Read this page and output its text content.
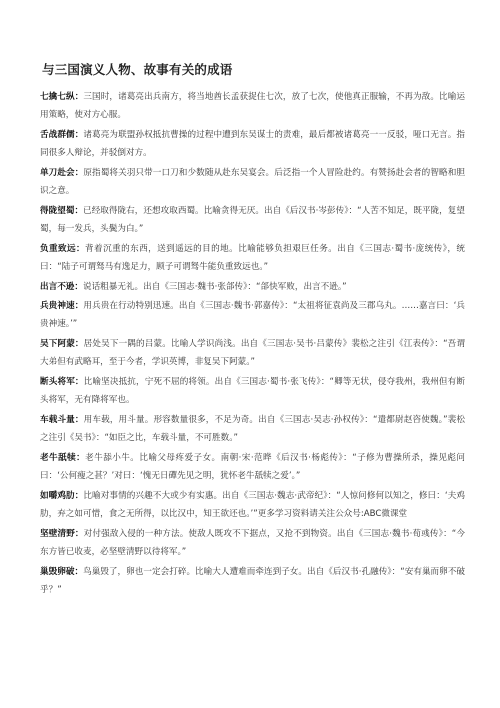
与三国演义人物、故事有关的成语

七擒七纵：三国时，诸葛亮出兵南方，将当地酋长孟获捉住七次，放了七次，使他真正服输，不再为敌。比喻运用策略，使对方心服。

舌战群儒：诸葛亮为联盟孙权抵抗曹操的过程中遭到东吴谋士的责难，最后都被诸葛亮一一反驳，哑口无言。指同很多人辩论，并驳倒对方。

单刀赴会：原指蜀将关羽只带一口刀和少数随从赴东吴宴会。后泛指一个人冒险赴约。有赞扬赴会者的智略和胆识之意。

得陇望蜀：已经取得陇右，还想攻取西蜀。比喻贪得无厌。出自《后汉书·岑彭传》：“人苦不知足，既平陇，复望蜀，每一发兵，头鬓为白。”

负重致远：背着沉重的东西，送到遥远的目的地。比喻能够负担艰巨任务。出自《三国志·蜀书·庞统传》，统曰：“陆子可谓驽马有逸足力，顾子可谓驽牛能负重致远也。”

出言不逊：说话粗暴无礼。出自《三国志·魏书·张郃传》：“郃快军败，出言不逊。”

兵贵神速：用兵贵在行动特别迅速。出自《三国志·魏书·郭嘉传》：“太祖将征袁尚及三郡乌丸。……嘉言曰：‘兵贵神速。’”

吴下阿蒙：居处吴下一隅的吕蒙。比喻人学识尚浅。出自《三国志·吴书·吕蒙传》裴松之注引《江表传》：“吾谓大弟但有武略耳，至于今者，学识英博，非复吴下阿蒙。”

断头将军：比喻坚决抵抗，宁死不屈的将领。出自《三国志·蜀书·张飞传》：“卿等无状，侵夺我州，我州但有断头将军，无有降将军也。

车载斗量：用车载，用斗量。形容数量很多，不足为奇。出自《三国志·吴志·孙权传》：“遣都尉赵咨使魏。”裴松之注引《吴书》：“如臣之比，车载斗量，不可胜数。”

老牛舐犊：老牛舔小牛。比喻父母疼爱子女。南朝·宋·范晔《后汉书·杨彪传》：“子修为曹操所杀，操见彪问曰：‘公何瘦之甚？’对曰：‘愧无日磾先见之明，犹怀老牛舐犊之爱’。”

如嚼鸡肋：比喻对事情的兴趣不大或少有实惠。出自《三国志·魏志·武帝纪》：“人惊问修何以知之，修曰：‘夫鸡肋，弃之如可惜，食之无所得，以比汉中，知王欲还也。’”更多学习资料请关注公众号:ABC微课堂

坚壁清野：对付强敌入侵的一种方法。使敌人既攻不下据点，又抢不到物资。出自《三国志·魏书·荀彧传》：“今东方皆已收麦，必坚壁清野以待将军。”

巢毁卵破：鸟巢毁了，卵也一定会打碎。比喻大人遭难而牵连到子女。出自《后汉书·孔融传》：“安有巢而卵不破乎？”
